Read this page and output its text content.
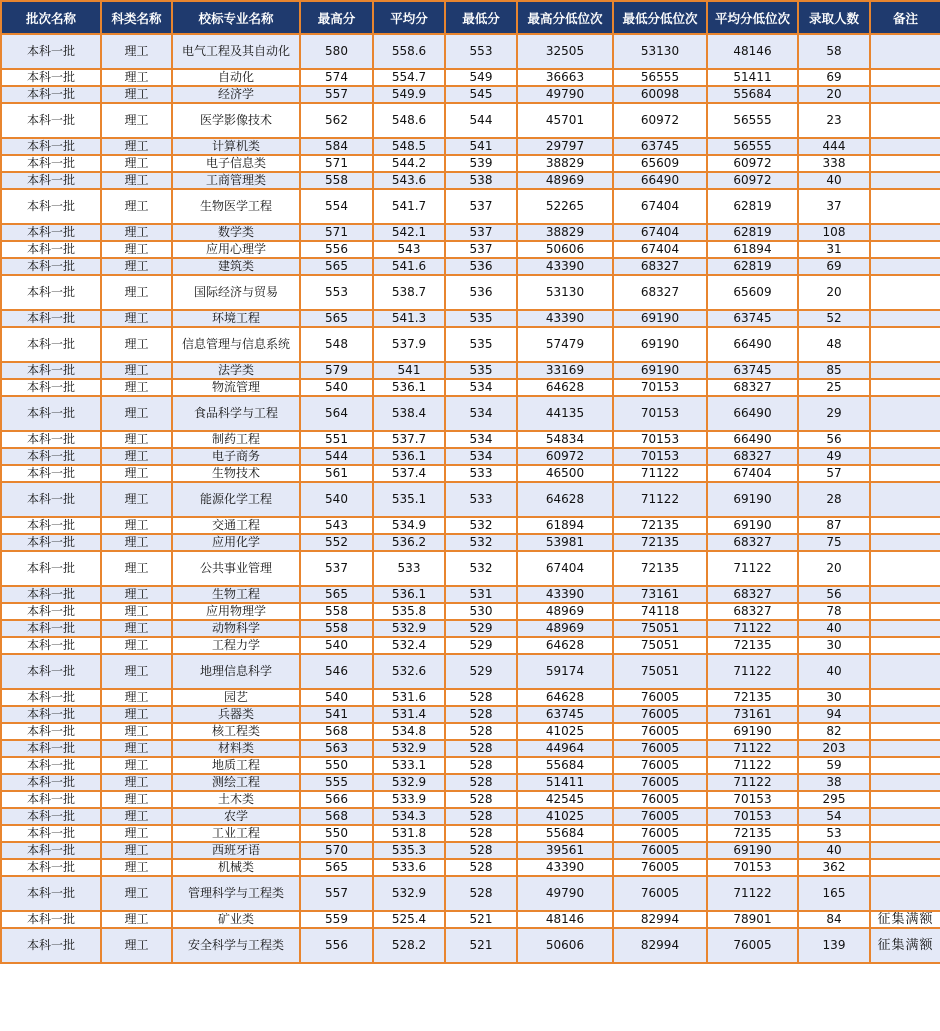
批次名称	科类名称	校标专业名称	最高分	平均分	最低分	最高分低位次	最低分低位次	平均分低位次	录取人数	备注
本科一批	理工	电气工程及其自动化	580	558.6	553	32505	53130	48146	58	
本科一批	理工	自动化	574	554.7	549	36663	56555	51411	69	
本科一批	理工	经济学	557	549.9	545	49790	60098	55684	20	
本科一批	理工	医学影像技术	562	548.6	544	45701	60972	56555	23	
本科一批	理工	计算机类	584	548.5	541	29797	63745	56555	444	
本科一批	理工	电子信息类	571	544.2	539	38829	65609	60972	338	
本科一批	理工	工商管理类	558	543.6	538	48969	66490	60972	40	
本科一批	理工	生物医学工程	554	541.7	537	52265	67404	62819	37	
本科一批	理工	数学类	571	542.1	537	38829	67404	62819	108	
本科一批	理工	应用心理学	556	543	537	50606	67404	61894	31	
本科一批	理工	建筑类	565	541.6	536	43390	68327	62819	69	
本科一批	理工	国际经济与贸易	553	538.7	536	53130	68327	65609	20	
本科一批	理工	环境工程	565	541.3	535	43390	69190	63745	52	
本科一批	理工	信息管理与信息系统	548	537.9	535	57479	69190	66490	48	
本科一批	理工	法学类	579	541	535	33169	69190	63745	85	
本科一批	理工	物流管理	540	536.1	534	64628	70153	68327	25	
本科一批	理工	食品科学与工程	564	538.4	534	44135	70153	66490	29	
本科一批	理工	制药工程	551	537.7	534	54834	70153	66490	56	
本科一批	理工	电子商务	544	536.1	534	60972	70153	68327	49	
本科一批	理工	生物技术	561	537.4	533	46500	71122	67404	57	
本科一批	理工	能源化学工程	540	535.1	533	64628	71122	69190	28	
本科一批	理工	交通工程	543	534.9	532	61894	72135	69190	87	
本科一批	理工	应用化学	552	536.2	532	53981	72135	68327	75	
本科一批	理工	公共事业管理	537	533	532	67404	72135	71122	20	
本科一批	理工	生物工程	565	536.1	531	43390	73161	68327	56	
本科一批	理工	应用物理学	558	535.8	530	48969	74118	68327	78	
本科一批	理工	动物科学	558	532.9	529	48969	75051	71122	40	
本科一批	理工	工程力学	540	532.4	529	64628	75051	72135	30	
本科一批	理工	地理信息科学	546	532.6	529	59174	75051	71122	40	
本科一批	理工	园艺	540	531.6	528	64628	76005	72135	30	
本科一批	理工	兵器类	541	531.4	528	63745	76005	73161	94	
本科一批	理工	核工程类	568	534.8	528	41025	76005	69190	82	
本科一批	理工	材料类	563	532.9	528	44964	76005	71122	203	
本科一批	理工	地质工程	550	533.1	528	55684	76005	71122	59	
本科一批	理工	测绘工程	555	532.9	528	51411	76005	71122	38	
本科一批	理工	土木类	566	533.9	528	42545	76005	70153	295	
本科一批	理工	农学	568	534.3	528	41025	76005	70153	54	
本科一批	理工	工业工程	550	531.8	528	55684	76005	72135	53	
本科一批	理工	西班牙语	570	535.3	528	39561	76005	69190	40	
本科一批	理工	机械类	565	533.6	528	43390	76005	70153	362	
本科一批	理工	管理科学与工程类	557	532.9	528	49790	76005	71122	165	
本科一批	理工	矿业类	559	525.4	521	48146	82994	78901	84	征集满额
本科一批	理工	安全科学与工程类	556	528.2	521	50606	82994	76005	139	征集满额
